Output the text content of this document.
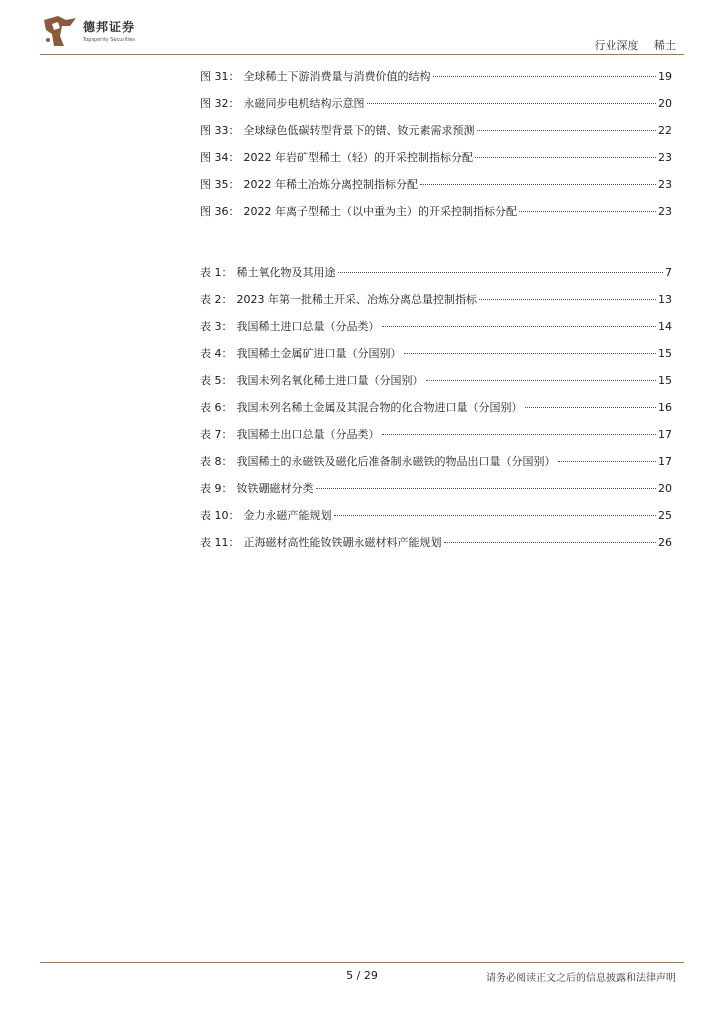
德邦证券
Topsperity Securities	行业深度 稀土
图 31： 全球稀土下游消费量与消费价值的结构	19
图 32： 永磁同步电机结构示意图	20
图 33： 全球绿色低碳转型背景下的镨、钕元素需求预测	22
图 34： 2022 年岩矿型稀土（轻）的开采控制指标分配	23
图 35： 2022 年稀土冶炼分离控制指标分配	23
图 36： 2022 年离子型稀土（以中重为主）的开采控制指标分配	23
表 1： 稀土氧化物及其用途	7
表 2： 2023 年第一批稀土开采、冶炼分离总量控制指标	13
表 3： 我国稀土进口总量（分品类）	14
表 4： 我国稀土金属矿进口量（分国别）	15
表 5： 我国未列名氧化稀土进口量（分国别）	15
表 6： 我国未列名稀土金属及其混合物的化合物进口量（分国别）	16
表 7： 我国稀土出口总量（分品类）	17
表 8： 我国稀土的永磁铁及磁化后准备制永磁铁的物品出口量（分国别）	17
表 9： 钕铁硼磁材分类	20
表 10： 金力永磁产能规划	25
表 11： 正海磁材高性能钕铁硼永磁材料产能规划	26
5 / 29	请务必阅读正文之后的信息披露和法律声明
